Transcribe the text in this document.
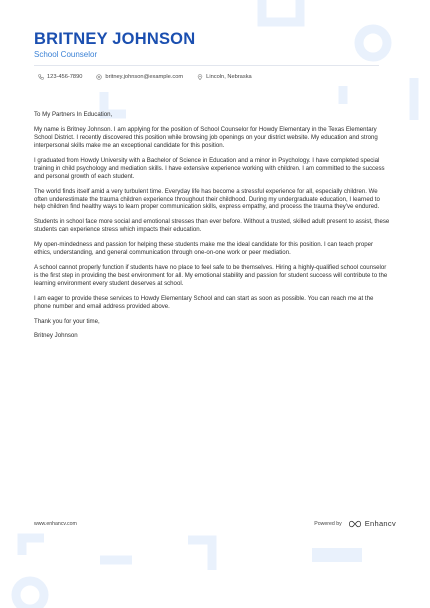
BRITNEY JOHNSON
School Counselor
123-456-7890	britney.johnson@example.com	Lincoln, Nebraska

To My Partners In Education,

My name is Britney Johnson. I am applying for the position of School Counselor for Howdy Elementary in the Texas Elementary School District. I recently discovered this position while browsing job openings on your district website. My education and strong interpersonal skills make me an exceptional candidate for this position.

I graduated from Howdy University with a Bachelor of Science in Education and a minor in Psychology. I have completed special training in child psychology and mediation skills. I have extensive experience working with children. I am committed to the success and personal growth of each student.

The world finds itself amid a very turbulent time. Everyday life has become a stressful experience for all, especially children. We often underestimate the trauma children experience throughout their childhood. During my undergraduate education, I learned to help children find healthy ways to learn proper communication skills, express empathy, and process the trauma they've endured.

Students in school face more social and emotional stresses than ever before. Without a trusted, skilled adult present to assist, these students can experience stress which impacts their education.

My open-mindedness and passion for helping these students make me the ideal candidate for this position. I can teach proper ethics, understanding, and general communication through one-on-one work or peer mediation.

A school cannot properly function if students have no place to feel safe to be themselves. Hiring a highly-qualified school counselor is the first step in providing the best environment for all. My emotional stability and passion for student success will contribute to the learning environment every student deserves at school.

I am eager to provide these services to Howdy Elementary School and can start as soon as possible. You can reach me at the phone number and email address provided above.

Thank you for your time,

Britney Johnson

www.enhancv.com	Powered by	Enhancv
